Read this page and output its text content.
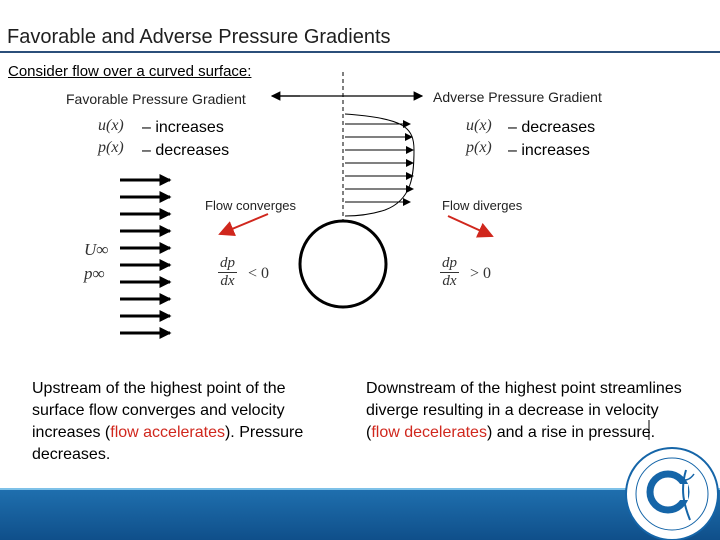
Favorable and Adverse Pressure Gradients
Consider flow over a curved surface:
Favorable Pressure Gradient
u(x)
p(x)
– increases
– decreases
Flow converges
U∞
p∞	$\frac{dp}{dx} < 0$
Adverse Pressure Gradient
u(x)
p(x)
– decreases
– increases
Flow diverges
$\frac{dp}{dx} > 0$
Upstream of the highest point of the surface flow converges and velocity increases (flow accelerates). Pressure decreases.
Downstream of the highest point streamlines diverge resulting in a decrease in velocity (flow decelerates) and a rise in pressure.
